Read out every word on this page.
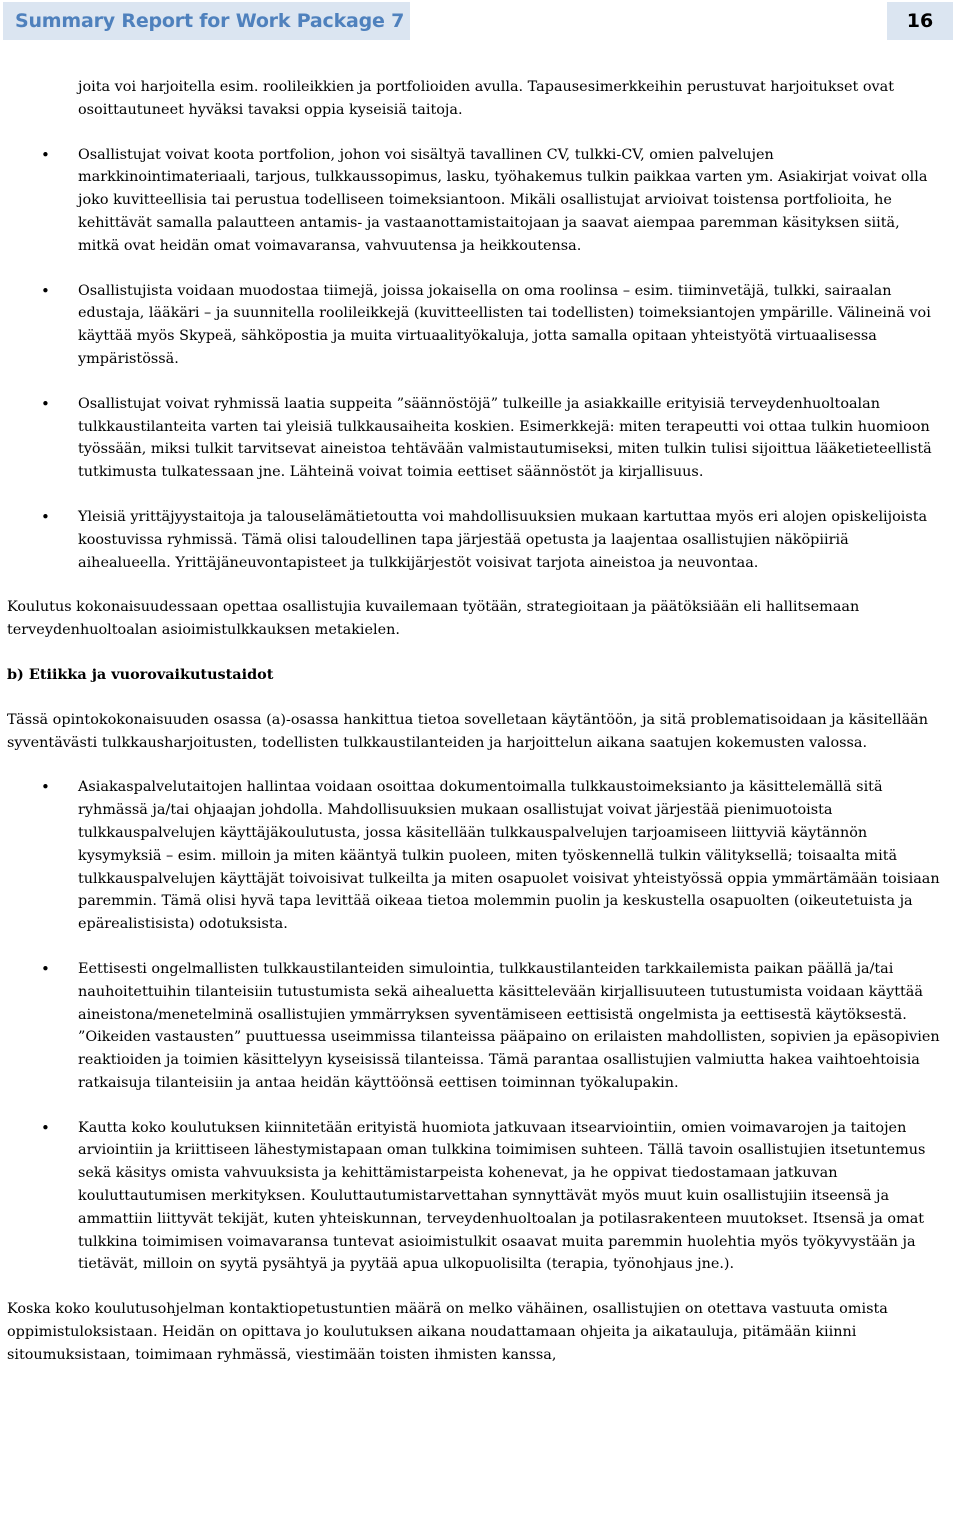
Summary Report for Work Package 7	16

joita voi harjoitella esim. roolileikkien ja portfolioiden avulla. Tapausesimerkkeihin perustuvat harjoitukset ovat osoittautuneet hyväksi tavaksi oppia kyseisiä taitoja.

• Osallistujat voivat koota portfolion, johon voi sisältyä tavallinen CV, tulkki-CV, omien palvelujen markkinointimateriaali, tarjous, tulkkaussopimus, lasku, työhakemus tulkin paikkaa varten ym. Asiakirjat voivat olla joko kuvitteellisia tai perustua todelliseen toimeksiantoon. Mikäli osallistujat arvioivat toistensa portfolioita, he kehittävät samalla palautteen antamis- ja vastaanottamistaitojaan ja saavat aiempaa paremman käsityksen siitä, mitkä ovat heidän omat voimavaransa, vahvuutensa ja heikkoutensa.

• Osallistujista voidaan muodostaa tiimejä, joissa jokaisella on oma roolinsa – esim. tiiminvetäjä, tulkki, sairaalan edustaja, lääkäri – ja suunnitella roolileikkejä (kuvitteellisten tai todellisten) toimeksiantojen ympärille. Välineinä voi käyttää myös Skypeä, sähköpostia ja muita virtuaalityökaluja, jotta samalla opitaan yhteistyötä virtuaalisessa ympäristössä.

• Osallistujat voivat ryhmissä laatia suppeita ”säännöstöjä” tulkeille ja asiakkaille erityisiä terveydenhuoltoalan tulkkaustilanteita varten tai yleisiä tulkkausaiheita koskien. Esimerkkejä: miten terapeutti voi ottaa tulkin huomioon työssään, miksi tulkit tarvitsevat aineistoa tehtävään valmistautumiseksi, miten tulkin tulisi sijoittua lääketieteellistä tutkimusta tulkatessaan jne. Lähteinä voivat toimia eettiset säännöstöt ja kirjallisuus.

• Yleisiä yrittäjyystaitoja ja talouselämätietoutta voi mahdollisuuksien mukaan kartuttaa myös eri alojen opiskelijoista koostuvissa ryhmissä. Tämä olisi taloudellinen tapa järjestää opetusta ja laajentaa osallistujien näköpiiriä aihealueella. Yrittäjäneuvontapisteet ja tulkkijärjestöt voisivat tarjota aineistoa ja neuvontaa.

Koulutus kokonaisuudessaan opettaa osallistujia kuvailemaan työtään, strategioitaan ja päätöksiään eli hallitsemaan terveydenhuoltoalan asioimistulkkauksen metakielen.

b) Etiikka ja vuorovaikutustaidot

Tässä opintokokonaisuuden osassa (a)-osassa hankittua tietoa sovelletaan käytäntöön, ja sitä problematisoidaan ja käsitellään syventävästi tulkkausharjoitusten, todellisten tulkkaustilanteiden ja harjoittelun aikana saatujen kokemusten valossa.

• Asiakaspalvelutaitojen hallintaa voidaan osoittaa dokumentoimalla tulkkaustoimeksianto ja käsittelemällä sitä ryhmässä ja/tai ohjaajan johdolla. Mahdollisuuksien mukaan osallistujat voivat järjestää pienimuotoista tulkkauspalvelujen käyttäjäkoulutusta, jossa käsitellään tulkkauspalvelujen tarjoamiseen liittyviä käytännön kysymyksiä – esim. milloin ja miten kääntyä tulkin puoleen, miten työskennellä tulkin välityksellä; toisaalta mitä tulkkauspalvelujen käyttäjät toivoisivat tulkeilta ja miten osapuolet voisivat yhteistyössä oppia ymmärtämään toisiaan paremmin. Tämä olisi hyvä tapa levittää oikeaa tietoa molemmin puolin ja keskustella osapuolten (oikeutetuista ja epärealistisista) odotuksista.

• Eettisesti ongelmallisten tulkkaustilanteiden simulointia, tulkkaustilanteiden tarkkailemista paikan päällä ja/tai nauhoitettuihin tilanteisiin tutustumista sekä aihealuetta käsittelevään kirjallisuuteen tutustumista voidaan käyttää aineistona/menetelminä osallistujien ymmärryksen syventämiseen eettisistä ongelmista ja eettisestä käytöksestä. ”Oikeiden vastausten” puuttuessa useimmissa tilanteissa pääpaino on erilaisten mahdollisten, sopivien ja epäsopivien reaktioiden ja toimien käsittelyyn kyseisissä tilanteissa. Tämä parantaa osallistujien valmiutta hakea vaihtoehtoisia ratkaisuja tilanteisiin ja antaa heidän käyttöönsä eettisen toiminnan työkalupakin.

• Kautta koko koulutuksen kiinnitetään erityistä huomiota jatkuvaan itsearviointiin, omien voimavarojen ja taitojen arviointiin ja kriittiseen lähestymistapaan oman tulkkina toimimisen suhteen. Tällä tavoin osallistujien itsetuntemus sekä käsitys omista vahvuuksista ja kehittämistarpeista kohenevat, ja he oppivat tiedostamaan jatkuvan kouluttautumisen merkityksen. Kouluttautumistarvettahan synnyttävät myös muut kuin osallistujiin itseensä ja ammattiin liittyvät tekijät, kuten yhteiskunnan, terveydenhuoltoalan ja potilasrakenteen muutokset. Itsensä ja omat tulkkina toimimisen voimavaransa tuntevat asioimistulkit osaavat muita paremmin huolehtia myös työkyvystään ja tietävät, milloin on syytä pysähtyä ja pyytää apua ulkopuolisilta (terapia, työnohjaus jne.).

Koska koko koulutusohjelman kontaktiopetustuntien määrä on melko vähäinen, osallistujien on otettava vastuuta omista oppimistuloksistaan. Heidän on opittava jo koulutuksen aikana noudattamaan ohjeita ja aikatauluja, pitämään kiinni sitoumuksistaan, toimimaan ryhmässä, viestimään toisten ihmisten kanssa,
